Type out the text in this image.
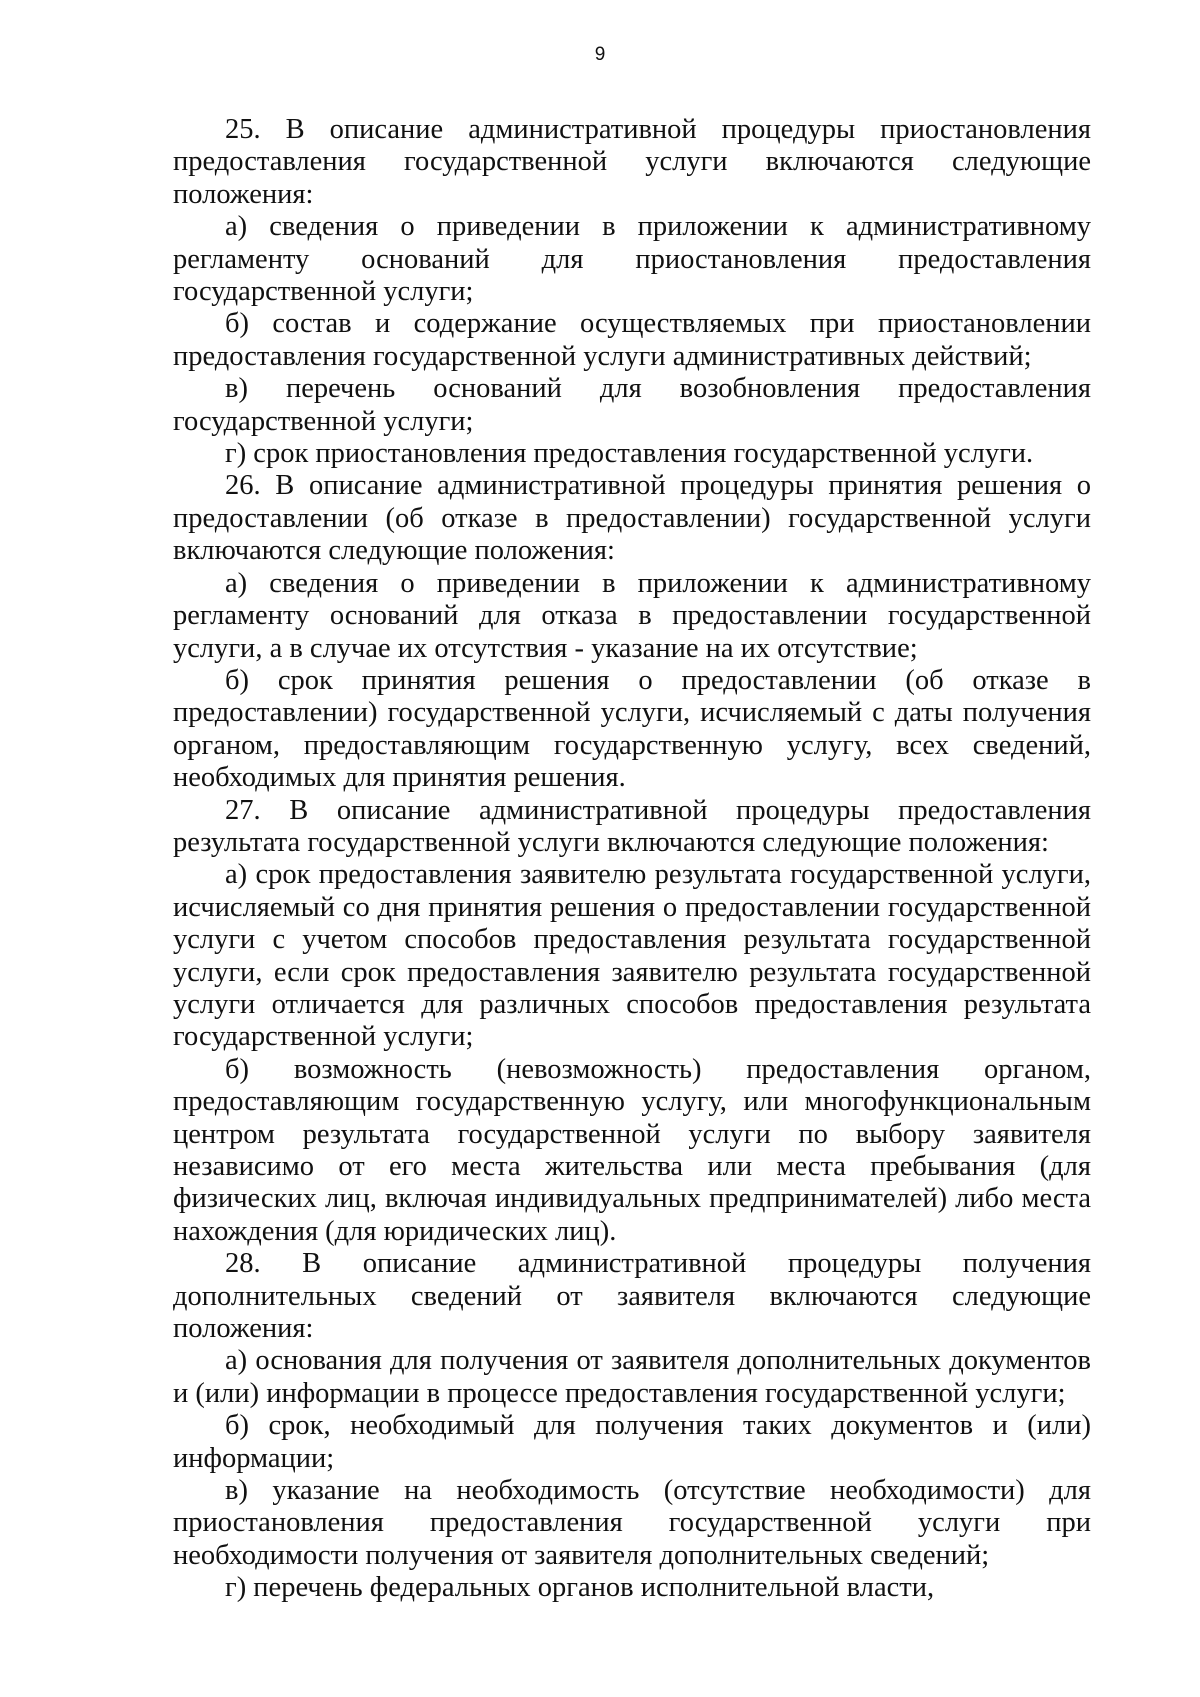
9

25. В описание административной процедуры приостановления предоставления государственной услуги включаются следующие положения:

а) сведения о приведении в приложении к административному регламенту оснований для приостановления предоставления государственной услуги;

б) состав и содержание осуществляемых при приостановлении предоставления государственной услуги административных действий;

в) перечень оснований для возобновления предоставления государственной услуги;

г) срок приостановления предоставления государственной услуги.

26. В описание административной процедуры принятия решения о предоставлении (об отказе в предоставлении) государственной услуги включаются следующие положения:

а) сведения о приведении в приложении к административному регламенту оснований для отказа в предоставлении государственной услуги, а в случае их отсутствия - указание на их отсутствие;

б) срок принятия решения о предоставлении (об отказе в предоставлении) государственной услуги, исчисляемый с даты получения органом, предоставляющим государственную услугу, всех сведений, необходимых для принятия решения.

27. В описание административной процедуры предоставления результата государственной услуги включаются следующие положения:

а) срок предоставления заявителю результата государственной услуги, исчисляемый со дня принятия решения о предоставлении государственной услуги с учетом способов предоставления результата государственной услуги, если срок предоставления заявителю результата государственной услуги отличается для различных способов предоставления результата государственной услуги;

б) возможность (невозможность) предоставления органом, предоставляющим государственную услугу, или многофункциональным центром результата государственной услуги по выбору заявителя независимо от его места жительства или места пребывания (для физических лиц, включая индивидуальных предпринимателей) либо места нахождения (для юридических лиц).

28. В описание административной процедуры получения дополнительных сведений от заявителя включаются следующие положения:

а) основания для получения от заявителя дополнительных документов и (или) информации в процессе предоставления государственной услуги;

б) срок, необходимый для получения таких документов и (или) информации;

в) указание на необходимость (отсутствие необходимости) для приостановления предоставления государственной услуги при необходимости получения от заявителя дополнительных сведений;

г) перечень федеральных органов исполнительной власти,
